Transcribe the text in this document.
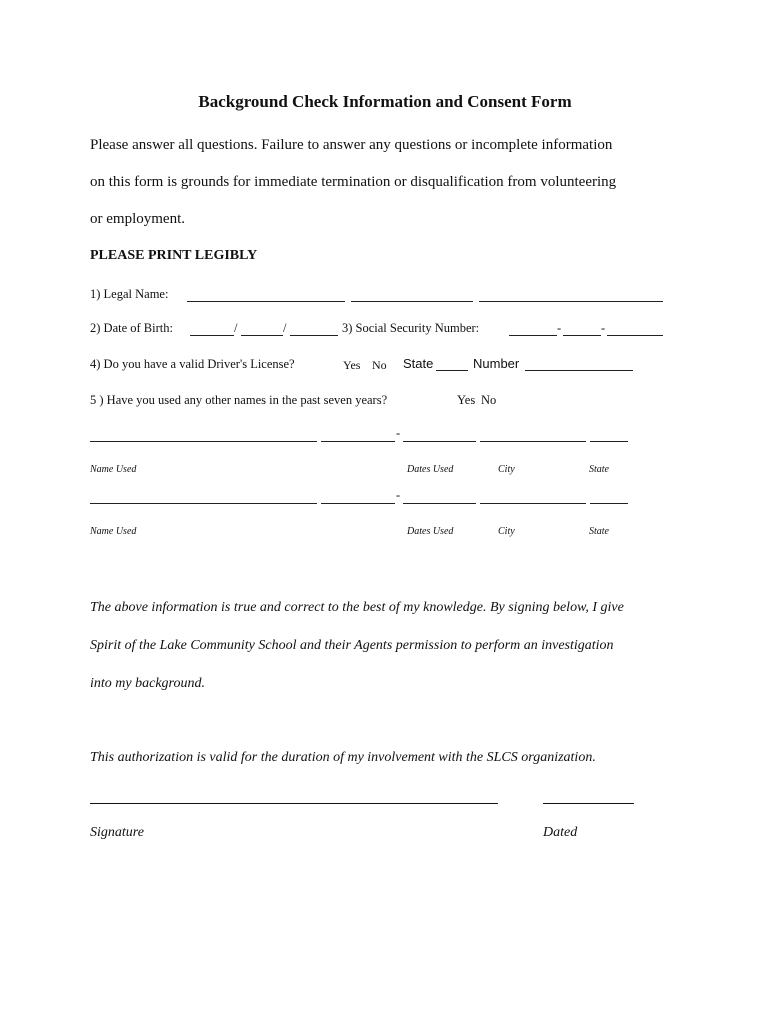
Background Check Information and Consent Form
Please answer all questions. Failure to answer any questions or incomplete information
on this form is grounds for immediate termination or disqualification from volunteering
or employment.
PLEASE PRINT LEGIBLY
1) Legal Name:
2) Date of Birth:	/	/	3) Social Security Number:	-	-
4) Do you have a valid Driver's License?	Yes No State	Number
5 ) Have you used any other names in the past seven years?	Yes No
-
Name Used	Dates Used	City	State
-
Name Used	Dates Used	City	State
The above information is true and correct to the best of my knowledge. By signing below, I give
Spirit of the Lake Community School and their Agents permission to perform an investigation
into my background.
This authorization is valid for the duration of my involvement with the SLCS organization.
Signature	Dated
